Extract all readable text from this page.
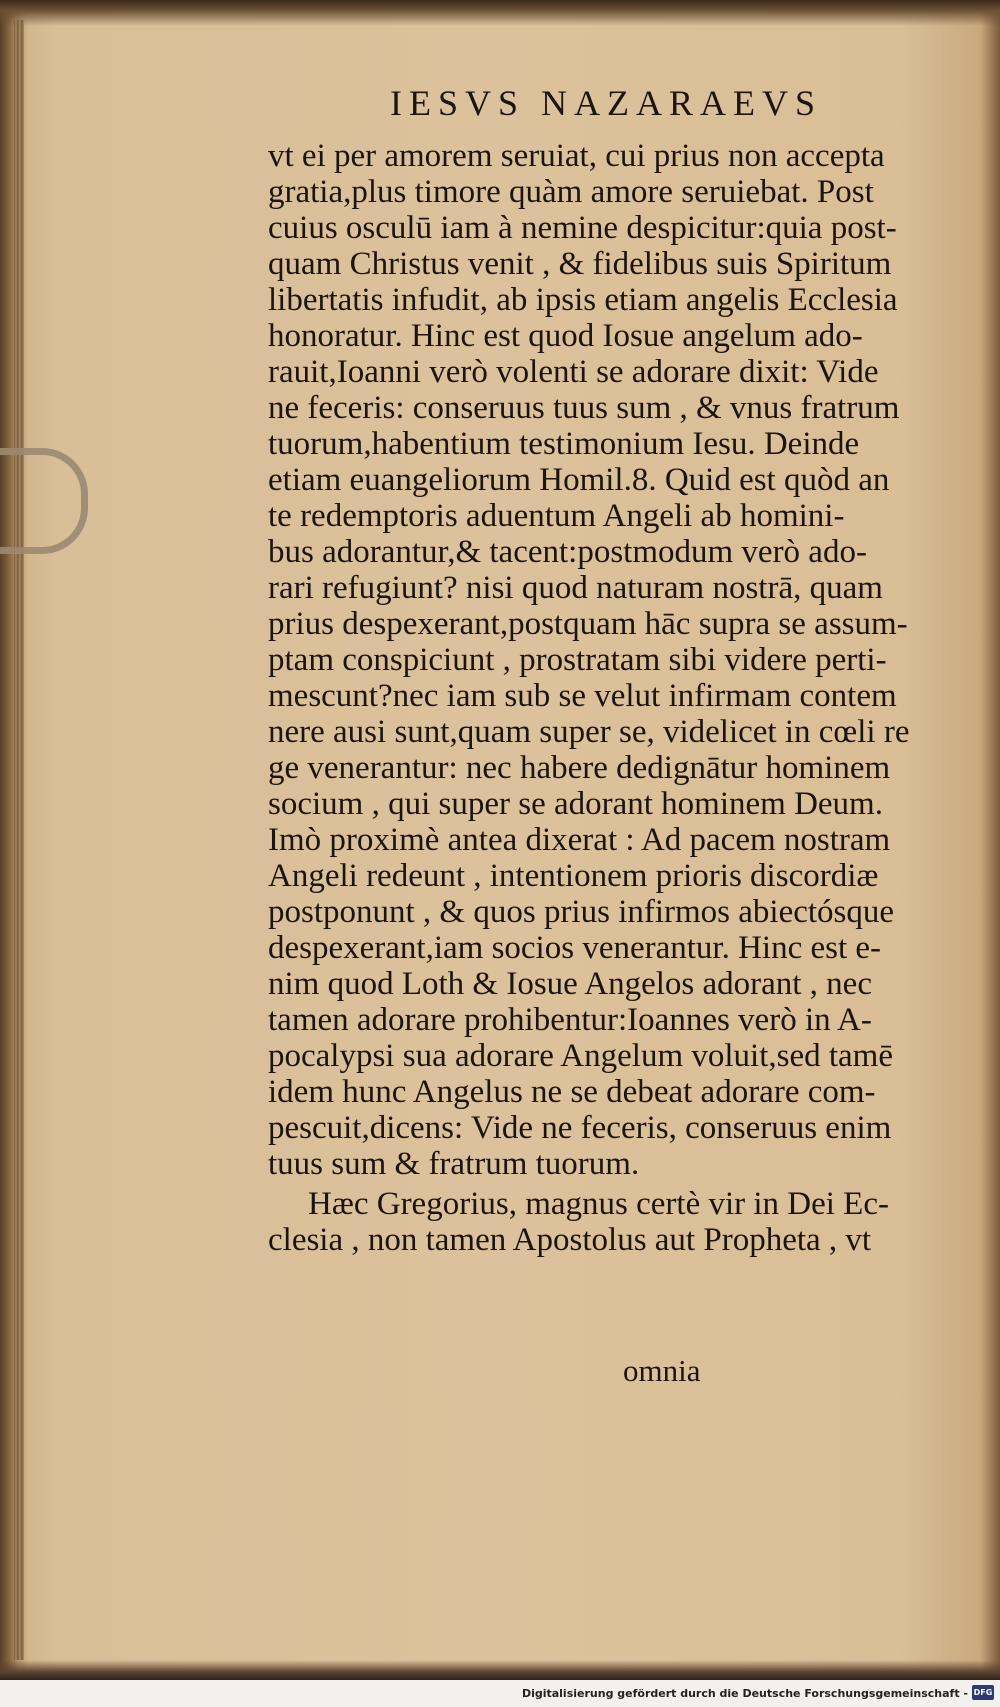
IESVS NAZARAEVS
vt ei per amorem seruiat, cui prius non accepta
gratia,plus timore quàm amore seruiebat. Post
cuius osculū iam à nemine despicitur:quia post-
quam Christus venit , & fidelibus suis Spiritum
libertatis infudit, ab ipsis etiam angelis Ecclesia
honoratur. Hinc est quod Iosue angelum ado-
rauit,Ioanni verò volenti se adorare dixit: Vide
ne feceris: conseruus tuus sum , & vnus fratrum
tuorum,habentium testimonium Iesu. Deinde
etiam euangeliorum Homil.8. Quid est quòd an
te redemptoris aduentum Angeli ab homini-
bus adorantur,& tacent:postmodum verò ado-
rari refugiunt? nisi quod naturam nostrā, quam
prius despexerant,postquam hāc supra se assum-
ptam conspiciunt , prostratam sibi videre perti-
mescunt?nec iam sub se velut infirmam contem
nere ausi sunt,quam super se, videlicet in cœli re
ge venerantur: nec habere dedignātur hominem
socium , qui super se adorant hominem Deum.
Imò proximè antea dixerat : Ad pacem nostram
Angeli redeunt , intentionem prioris discordiæ
postponunt , & quos prius infirmos abiectósque
despexerant,iam socios venerantur. Hinc est e-
nim quod Loth & Iosue Angelos adorant , nec
tamen adorare prohibentur:Ioannes verò in A-
pocalypsi sua adorare Angelum voluit,sed tamē
idem hunc Angelus ne se debeat adorare com-
pescuit,dicens: Vide ne feceris, conseruus enim
tuus sum & fratrum tuorum.
Hæc Gregorius, magnus certè vir in Dei Ec-
clesia , non tamen Apostolus aut Propheta , vt
omnia
Digitalisierung gefördert durch die Deutsche Forschungsgemeinschaft - DFG
